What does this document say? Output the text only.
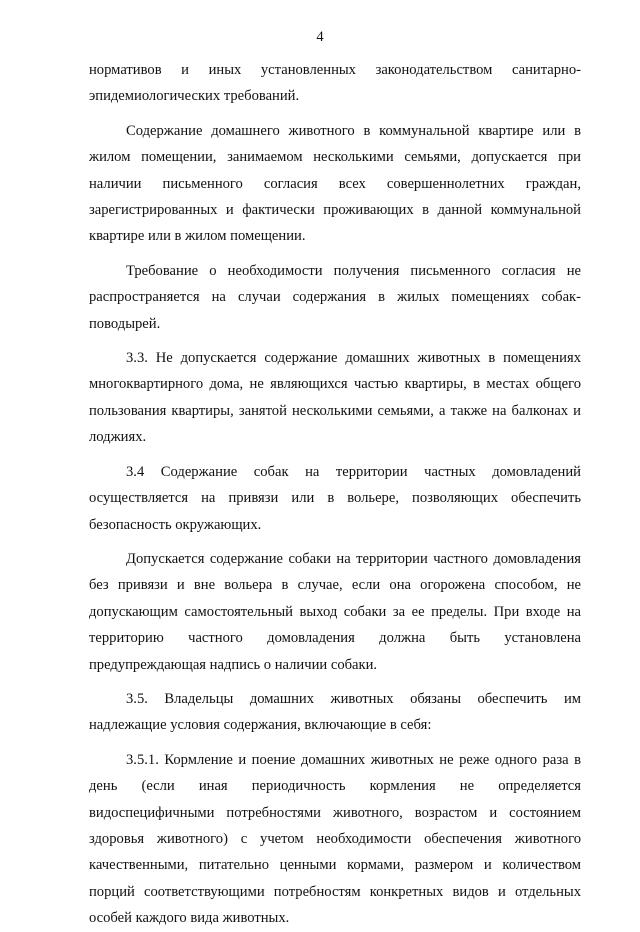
4

нормативов и иных установленных законодательством санитарно-эпидемиологических требований.

Содержание домашнего животного в коммунальной квартире или в жилом помещении, занимаемом несколькими семьями, допускается при наличии письменного согласия всех совершеннолетних граждан, зарегистрированных и фактически проживающих в данной коммунальной квартире или в жилом помещении.

Требование о необходимости получения письменного согласия не распространяется на случаи содержания в жилых помещениях собак-поводырей.

3.3. Не допускается содержание домашних животных в помещениях многоквартирного дома, не являющихся частью квартиры, в местах общего пользования квартиры, занятой несколькими семьями, а также на балконах и лоджиях.

3.4 Содержание собак на территории частных домовладений осуществляется на привязи или в вольере, позволяющих обеспечить безопасность окружающих.

Допускается содержание собаки на территории частного домовладения без привязи и вне вольера в случае, если она огорожена способом, не допускающим самостоятельный выход собаки за ее пределы. При входе на территорию частного домовладения должна быть установлена предупреждающая надпись о наличии собаки.

3.5. Владельцы домашних животных обязаны обеспечить им надлежащие условия содержания, включающие в себя:

3.5.1. Кормление и поение домашних животных не реже одного раза в день (если иная периодичность кормления не определяется видоспецифичными потребностями животного, возрастом и состоянием здоровья животного) с учетом необходимости обеспечения животного качественными, питательно ценными кормами, размером и количеством порций соответствующими потребностям конкретных видов и отдельных особей каждого вида животных.
